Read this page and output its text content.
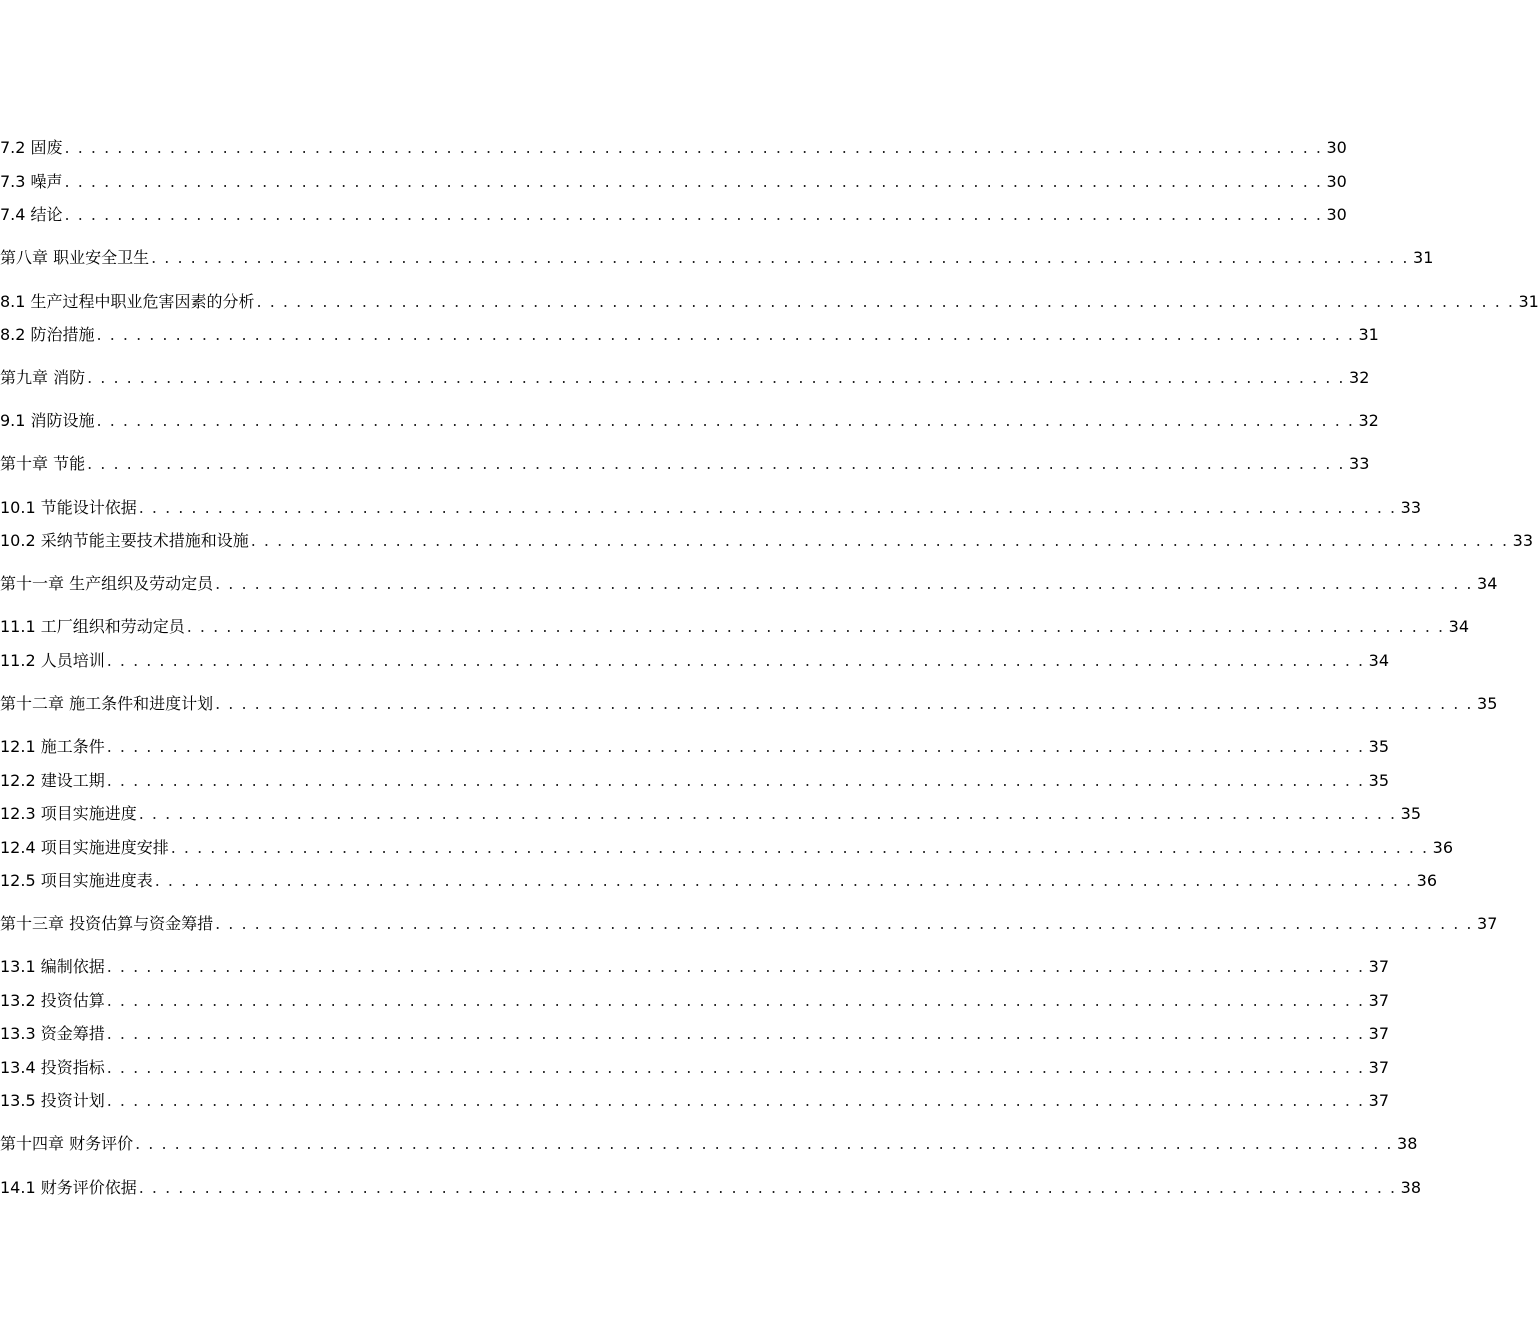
7.2 固废 . . .	30
7.3 噪声 . . .	30
7.4 结论 . . .	30
第八章 职业安全卫生 . . .	31
8.1 生产过程中职业危害因素的分析 . . .	31
8.2 防治措施 . . .	31
第九章 消防 . . .	32
9.1 消防设施 . . .	32
第十章 节能 . . .	33
10.1 节能设计依据 . . .	33
10.2 采纳节能主要技术措施和设施 . . .	33
第十一章 生产组织及劳动定员 . . .	34
11.1 工厂组织和劳动定员 . . .	34
11.2 人员培训 . . .	34
第十二章 施工条件和进度计划 . . .	35
12.1 施工条件 . . .	35
12.2 建设工期 . . .	35
12.3 项目实施进度 . . .	35
12.4 项目实施进度安排 . . .	36
12.5 项目实施进度表 . . .	36
第十三章 投资估算与资金筹措 . . .	37
13.1 编制依据 . . .	37
13.2 投资估算 . . .	37
13.3 资金筹措 . . .	37
13.4 投资指标 . . .	37
13.5 投资计划 . . .	37
第十四章 财务评价 . . .	38
14.1 财务评价依据 . . .	38
